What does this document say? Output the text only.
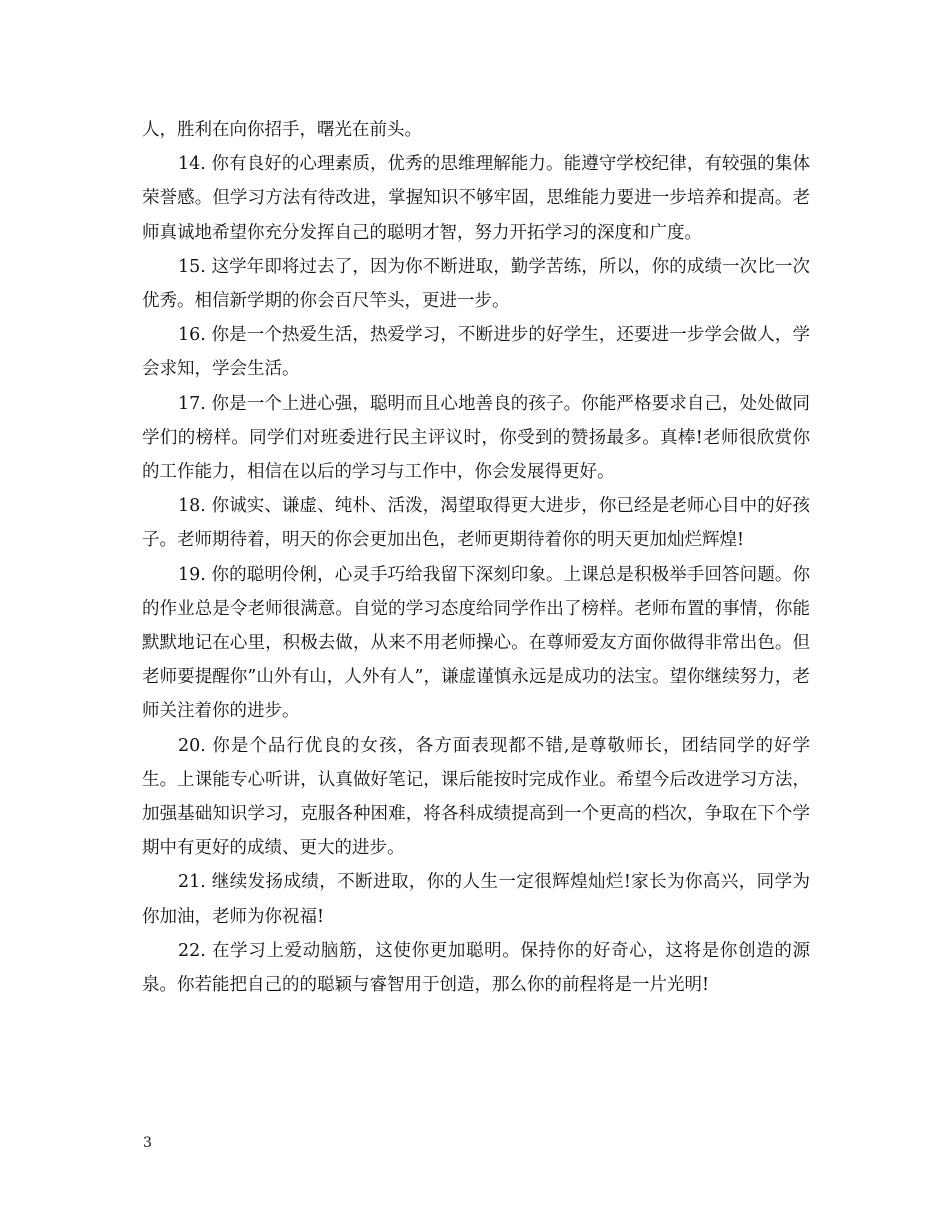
人，胜利在向你招手，曙光在前头。

14. 你有良好的心理素质，优秀的思维理解能力。能遵守学校纪律，有较强的集体荣誉感。但学习方法有待改进，掌握知识不够牢固，思维能力要进一步培养和提高。老师真诚地希望你充分发挥自己的聪明才智，努力开拓学习的深度和广度。

15. 这学年即将过去了，因为你不断进取，勤学苦练，所以，你的成绩一次比一次优秀。相信新学期的你会百尺竿头，更进一步。

16. 你是一个热爱生活，热爱学习，不断进步的好学生，还要进一步学会做人，学会求知，学会生活。

17. 你是一个上进心强，聪明而且心地善良的孩子。你能严格要求自己，处处做同学们的榜样。同学们对班委进行民主评议时，你受到的赞扬最多。真棒!老师很欣赏你的工作能力，相信在以后的学习与工作中，你会发展得更好。

18. 你诚实、谦虚、纯朴、活泼，渴望取得更大进步，你已经是老师心目中的好孩子。老师期待着，明天的你会更加出色，老师更期待着你的明天更加灿烂辉煌!

19. 你的聪明伶俐，心灵手巧给我留下深刻印象。上课总是积极举手回答问题。你的作业总是令老师很满意。自觉的学习态度给同学作出了榜样。老师布置的事情，你能默默地记在心里，积极去做，从来不用老师操心。在尊师爱友方面你做得非常出色。但老师要提醒你”山外有山，人外有人”，谦虚谨慎永远是成功的法宝。望你继续努力，老师关注着你的进步。

20. 你是个品行优良的女孩，各方面表现都不错,是尊敬师长，团结同学的好学生。上课能专心听讲，认真做好笔记，课后能按时完成作业。希望今后改进学习方法，加强基础知识学习，克服各种困难，将各科成绩提高到一个更高的档次，争取在下个学期中有更好的成绩、更大的进步。

21. 继续发扬成绩，不断进取，你的人生一定很辉煌灿烂!家长为你高兴，同学为你加油，老师为你祝福!

22. 在学习上爱动脑筋，这使你更加聪明。保持你的好奇心，这将是你创造的源泉。你若能把自己的的聪颖与睿智用于创造，那么你的前程将是一片光明!

3
